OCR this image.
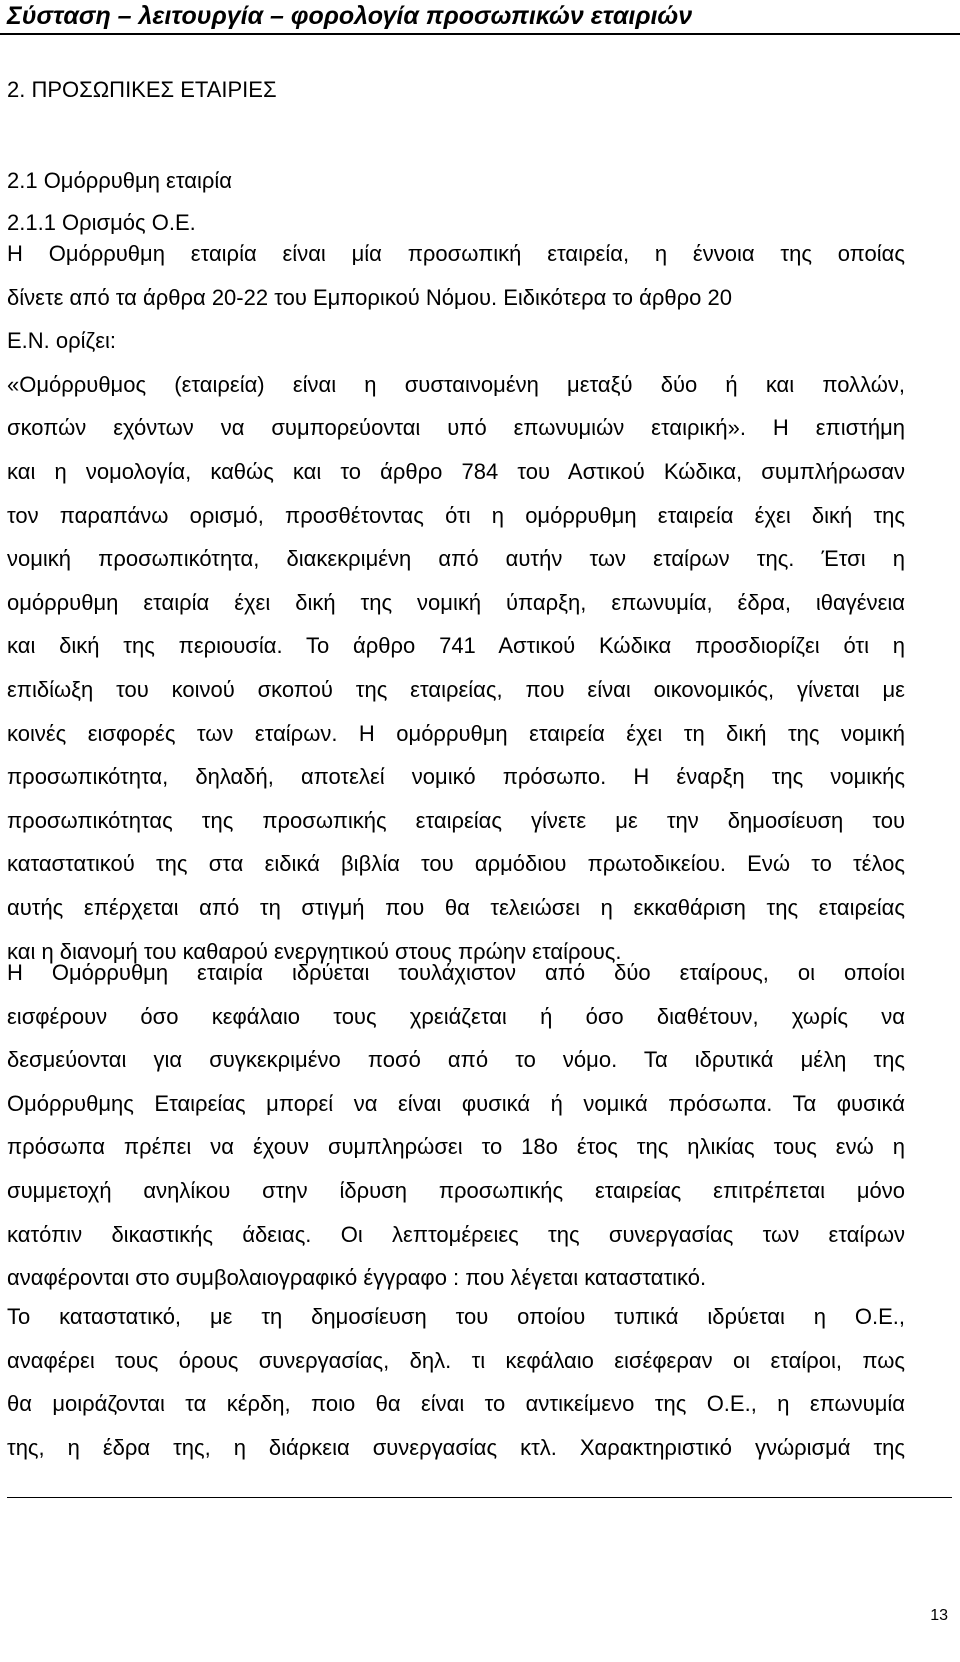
Σύσταση – λειτουργία – φορολογία προσωπικών εταιριών
2. ΠΡΟΣΩΠΙΚΕΣ ΕΤΑΙΡΙΕΣ
2.1 Ομόρρυθμη εταιρία
2.1.1 Ορισμός Ο.Ε.
Η Ομόρρυθμη εταιρία είναι μία προσωπική εταιρεία, η έννοια της οποίας
δίνετε από τα άρθρα 20-22 του Εμπορικού Νόμου. Ειδικότερα το άρθρο 20
Ε.Ν. ορίζει:
«Ομόρρυθμος (εταιρεία) είναι η συσταινομένη μεταξύ δύο ή και πολλών,
σκοπών εχόντων να συμπορεύονται υπό επωνυμιών εταιρική». Η επιστήμη
και η νομολογία, καθώς και το άρθρο 784 του Αστικού Κώδικα, συμπλήρωσαν
τον παραπάνω ορισμό, προσθέτοντας ότι η ομόρρυθμη εταιρεία έχει δική της
νομική προσωπικότητα, διακεκριμένη από αυτήν των εταίρων της. Έτσι η
ομόρρυθμη εταιρία έχει δική της νομική ύπαρξη, επωνυμία, έδρα, ιθαγένεια
και δική της περιουσία. Το άρθρο 741 Αστικού Κώδικα προσδιορίζει ότι η
επιδίωξη του κοινού σκοπού της εταιρείας, που είναι οικονομικός, γίνεται με
κοινές εισφορές των εταίρων. Η ομόρρυθμη εταιρεία έχει τη δική της νομική
προσωπικότητα, δηλαδή, αποτελεί νομικό πρόσωπο. Η έναρξη της νομικής
προσωπικότητας της προσωπικής εταιρείας γίνετε με την δημοσίευση του
καταστατικού της στα ειδικά βιβλία του αρμόδιου πρωτοδικείου. Ενώ το τέλος
αυτής επέρχεται από τη στιγμή που θα τελειώσει η εκκαθάριση της εταιρείας
και η διανομή του καθαρού ενεργητικού στους πρώην εταίρους.
Η Ομόρρυθμη εταιρία ιδρύεται τουλάχιστον από δύο εταίρους, οι οποίοι
εισφέρουν όσο κεφάλαιο τους χρειάζεται ή όσο διαθέτουν, χωρίς να
δεσμεύονται για συγκεκριμένο ποσό από το νόμο. Τα ιδρυτικά μέλη της
Ομόρρυθμης Εταιρείας μπορεί να είναι φυσικά ή νομικά πρόσωπα. Τα φυσικά
πρόσωπα πρέπει να έχουν συμπληρώσει το 18ο έτος της ηλικίας τους ενώ η
συμμετοχή ανηλίκου στην ίδρυση προσωπικής εταιρείας επιτρέπεται μόνο
κατόπιν δικαστικής άδειας. Οι λεπτομέρειες της συνεργασίας των εταίρων
αναφέρονται στο συμβολαιογραφικό έγγραφο : που λέγεται καταστατικό.
Το καταστατικό, με τη δημοσίευση του οποίου τυπικά ιδρύεται η Ο.Ε.,
αναφέρει τους όρους συνεργασίας, δηλ. τι κεφάλαιο εισέφεραν οι εταίροι, πως
θα μοιράζονται τα κέρδη, ποιο θα είναι το αντικείμενο της Ο.Ε., η επωνυμία
της, η έδρα της, η διάρκεια συνεργασίας κτλ. Χαρακτηριστικό γνώρισμά της
13
